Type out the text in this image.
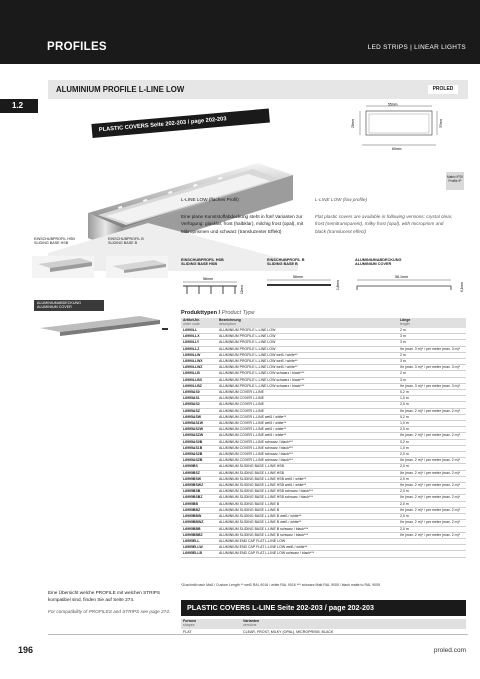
PROFILES	LED STRIPS | LINEAR LIGHTS
1.2
ALUMINIUM PROFILE L-LINE LOW	PROLED
PLASTIC COVERS Seite 202-203 / page 202-203
55mm
25mm	37mm
60mm
Matrix IP20 Profile IP
L-LINE LOW (flaches Profil)
Eine plane Kunststoffabdeckung steht in fünf Varianten zur Verfügung: glasklar, frost (halbklar), milchig frost (opal), mit Mikroprismen und schwarz (transluzenter Effekt)
L-LINE LOW (low profile)
Flat plastic covers are available in following versions: crystal clear, frost (semitransparent), milky frost (opal), with microprism and black (translucent effect)
EINSCHUBPROFIL HSB
SLIDING BASE HSB
EINSCHUBPROFIL B
SLIDING BASE B
ALUMINIUMABDECKUNG
ALUMINIUM COVER
EINSCHUBPROFIL HSB
SLIDING BASE HSB
EINSCHUBPROFIL B
SLIDING BASE B
ALUMINIUMABDECKUNG
ALUMINIUM COVER
56mm
12mm
56mm
1,8mm
58,1mm
6,1mm
Produkttypen / Product Type
Artikel-Nr.
order code	Bezeichnung
description	Länge
length

L6990LL	ALUMINIUM PROFILE L-LINE LOW	2 m
L6990LLX	ALUMINIUM PROFILE L-LINE LOW	3 m
L6990LLY	ALUMINIUM PROFILE L-LINE LOW	3 m
L6990LLZ	ALUMINIUM PROFILE L-LINE LOW	Ihr (max. 3 m)* / per meter (max. 3 m)*
L6990LLW	ALUMINIUM PROFILE L-LINE LOW weiß / white**	2 m
L6990LLWX	ALUMINIUM PROFILE L-LINE LOW weiß / white**	3 m
L6990LLWZ	ALUMINIUM PROFILE L-LINE LOW weiß / white**	Ihr (max. 3 m)* / per meter (max. 3 m)*
L6990LLB	ALUMINIUM PROFILE L-LINE LOW schwarz / black***	2 m
L6990LLBX	ALUMINIUM PROFILE L-LINE LOW schwarz / black***	3 m
L6990LLBZ	ALUMINIUM PROFILE L-LINE LOW schwarz / black***	Ihr (max. 3 m)* / per meter (max. 3 m)*
L6995AS0	ALUMINIUM COVER L-LINE	0,2 m
L6995AS1	ALUMINIUM COVER L-LINE	1,0 m
L6995AS2	ALUMINIUM COVER L-LINE	2,0 m
L6995ASZ	ALUMINIUM COVER L-LINE	Ihr (max. 2 m)* / per meter (max. 2 m)*
L6995ASW	ALUMINIUM COVER L-LINE weiß / white**	0,2 m
L6995AS1W	ALUMINIUM COVER L-LINE weiß / white**	1,0 m
L6995AS2W	ALUMINIUM COVER L-LINE weiß / white**	2,0 m
L6995ASZW	ALUMINIUM COVER L-LINE weiß / white**	Ihr (max. 2 m)* / per meter (max. 2 m)*
L6995AS0B	ALUMINIUM COVER L-LINE schwarz / black***	0,2 m
L6995AS1B	ALUMINIUM COVER L-LINE schwarz / black***	1,0 m
L6995AS2B	ALUMINIUM COVER L-LINE schwarz / black***	2,0 m
L6995ASZB	ALUMINIUM COVER L-LINE schwarz / black***	Ihr (max. 2 m)* / per meter (max. 2 m)*
L6995BS	ALUMINIUM SLIDING BASE L-LINE HSB	2,0 m
L6995BSZ	ALUMINIUM SLIDING BASE L-LINE HSB	Ihr (max. 2 m)* / per meter (max. 2 m)*
L6995BSW	ALUMINIUM SLIDING BASE L-LINE HSB weiß / white**	2,0 m
L6995BSWZ	ALUMINIUM SLIDING BASE L-LINE HSB weiß / white**	Ihr (max. 2 m)* / per meter (max. 2 m)*
L6995BSB	ALUMINIUM SLIDING BASE L-LINE HSB schwarz / black***	2,0 m
L6995BSBZ	ALUMINIUM SLIDING BASE L-LINE HSB schwarz / black***	Ihr (max. 2 m)* / per meter (max. 2 m)*
L6995BB	ALUMINIUM SLIDING BASE L-LINE B	2,0 m
L6995BBZ	ALUMINIUM SLIDING BASE L-LINE B	Ihr (max. 2 m)* / per meter (max. 2 m)*
L6995BBW	ALUMINIUM SLIDING BASE L-LINE B weiß / white**	2,0 m
L6995BBWZ	ALUMINIUM SLIDING BASE L-LINE B weiß / white**	Ihr (max. 2 m)* / per meter (max. 2 m)*
L6995BBB	ALUMINIUM SLIDING BASE L-LINE B schwarz / black***	2,0 m
L6995BBBZ	ALUMINIUM SLIDING BASE L-LINE B schwarz / black***	Ihr (max. 2 m)* / per meter (max. 2 m)*
L6995ELL	ALUMINIUM END CAP FLAT L-LINE LOW	
L6995ELLW	ALUMINIUM END CAP FLAT L-LINE LOW weiß / white**	
L6995ELLB	ALUMINIUM END CAP FLAT L-LINE LOW schwarz / black***	
*Zuschnitt nach Maß / Custom Length ** weiß RAL 9016 / white RAL 9016 *** schwarz Matt RAL 9005 / black matte to RAL 9005
Eine Übersicht welche PROFILE mit welchen STRIPS kompatibel sind, finden Sie auf Seite 274.
For compatibility of PROFILES and STRIPS see page 274.	PLASTIC COVERS L-LINE Seite 202-203 / page 202-203
Formen
shapes	Varianten
versions

FLAT	CLEAR, FROST, MILKY (OPAL), MICROPRISM, BLACK
196	proled.com
